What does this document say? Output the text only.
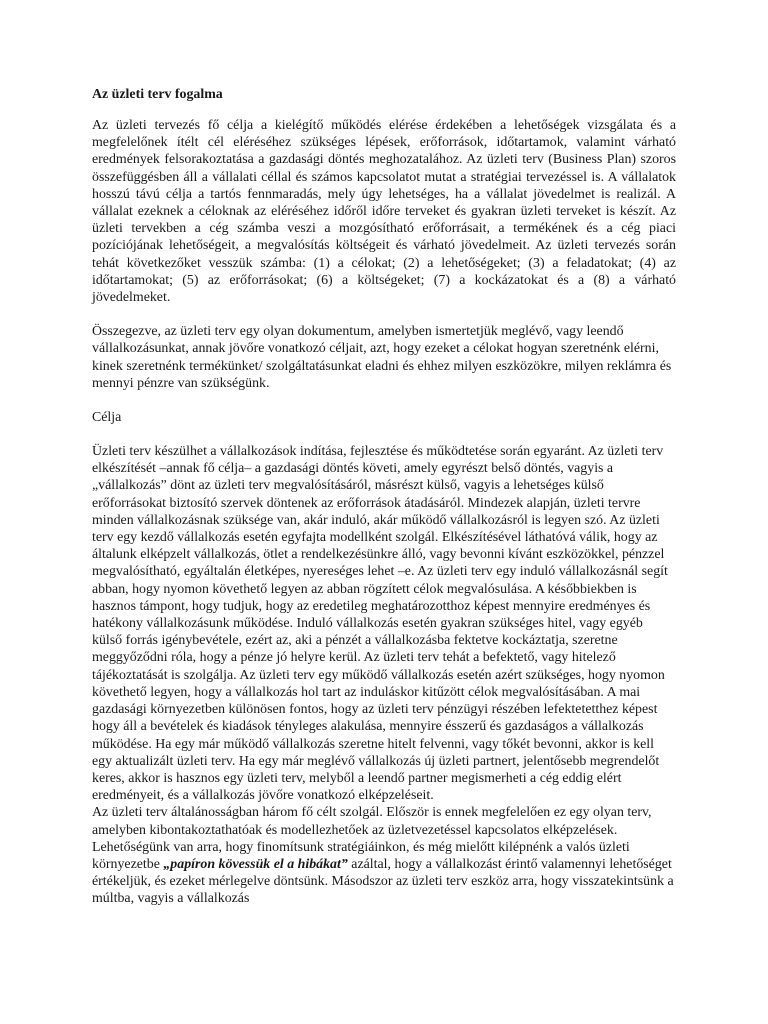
Az üzleti terv fogalma

Az üzleti tervezés fő célja a kielégítő működés elérése érdekében a lehetőségek vizsgálata és a megfelelőnek ítélt cél eléréséhez szükséges lépések, erőforrások, időtartamok, valamint várható eredmények felsorakoztatása a gazdasági döntés meghozatalához. Az üzleti terv (Business Plan) szoros összefüggésben áll a vállalati céllal és számos kapcsolatot mutat a stratégiai tervezéssel is. A vállalatok hosszú távú célja a tartós fennmaradás, mely úgy lehetséges, ha a vállalat jövedelmet is realizál. A vállalat ezeknek a céloknak az eléréséhez időről időre terveket és gyakran üzleti terveket is készít. Az üzleti tervekben a cég számba veszi a mozgósítható erőforrásait, a termékének és a cég piaci pozíciójának lehetőségeit, a megvalósítás költségeit és várható jövedelmeit. Az üzleti tervezés során tehát következőket vesszük számba: (1) a célokat; (2) a lehetőségeket; (3) a feladatokat; (4) az időtartamokat; (5) az erőforrásokat; (6) a költségeket; (7) a kockázatokat és a (8) a várható jövedelmeket.

Összegezve, az üzleti terv egy olyan dokumentum, amelyben ismertetjük meglévő, vagy leendő vállalkozásunkat, annak jövőre vonatkozó céljait, azt, hogy ezeket a célokat hogyan szeretnénk elérni, kinek szeretnénk termékünket/ szolgáltatásunkat eladni és ehhez milyen eszközökre, milyen reklámra és mennyi pénzre van szükségünk.

Célja

Üzleti terv készülhet a vállalkozások indítása, fejlesztése és működtetése során egyaránt. Az üzleti terv elkészítését –annak fő célja– a gazdasági döntés követi, amely egyrészt belső döntés, vagyis a „vállalkozás” dönt az üzleti terv megvalósításáról, másrészt külső, vagyis a lehetséges külső erőforrásokat biztosító szervek döntenek az erőforrások átadásáról. Mindezek alapján, üzleti tervre minden vállalkozásnak szüksége van, akár induló, akár működő vállalkozásról is legyen szó. Az üzleti terv egy kezdő vállalkozás esetén egyfajta modellként szolgál. Elkészítésével láthatóvá válik, hogy az általunk elképzelt vállalkozás, ötlet a rendelkezésünkre álló, vagy bevonni kívánt eszközökkel, pénzzel megvalósítható, egyáltalán életképes, nyereséges lehet –e. Az üzleti terv egy induló vállalkozásnál segít abban, hogy nyomon követhető legyen az abban rögzített célok megvalósulása. A későbbiekben is hasznos támpont, hogy tudjuk, hogy az eredetileg meghatározotthoz képest mennyire eredményes és hatékony vállalkozásunk működése. Induló vállalkozás esetén gyakran szükséges hitel, vagy egyéb külső forrás igénybevétele, ezért az, aki a pénzét a vállalkozásba fektetve kockáztatja, szeretne meggyőződni róla, hogy a pénze jó helyre kerül. Az üzleti terv tehát a befektető, vagy hitelező tájékoztatását is szolgálja. Az üzleti terv egy működő vállalkozás esetén azért szükséges, hogy nyomon követhető legyen, hogy a vállalkozás hol tart az induláskor kitűzött célok megvalósításában. A mai gazdasági környezetben különösen fontos, hogy az üzleti terv pénzügyi részében lefektetetthez képest hogy áll a bevételek és kiadások tényleges alakulása, mennyire ésszerű és gazdaságos a vállalkozás működése. Ha egy már működő vállalkozás szeretne hitelt felvenni, vagy tőkét bevonni, akkor is kell egy aktualizált üzleti terv. Ha egy már meglévő vállalkozás új üzleti partnert, jelentősebb megrendelőt keres, akkor is hasznos egy üzleti terv, melyből a leendő partner megismerheti a cég eddig elért eredményeit, és a vállalkozás jövőre vonatkozó elképzeléseit.

Az üzleti terv általánosságban három fő célt szolgál. Először is ennek megfelelően ez egy olyan terv, amelyben kibontakoztathatóak és modellezhetőek az üzletvezetéssel kapcsolatos elképzelések. Lehetőségünk van arra, hogy finomítsunk stratégiáinkon, és még mielőtt kilépnénk a valós üzleti környezetbe „papíron kövessük el a hibákat” azáltal, hogy a vállalkozást érintő valamennyi lehetőséget értékeljük, és ezeket mérlegelve döntsünk. Másodszor az üzleti terv eszköz arra, hogy visszatekintsünk a múltba, vagyis a vállalkozás
